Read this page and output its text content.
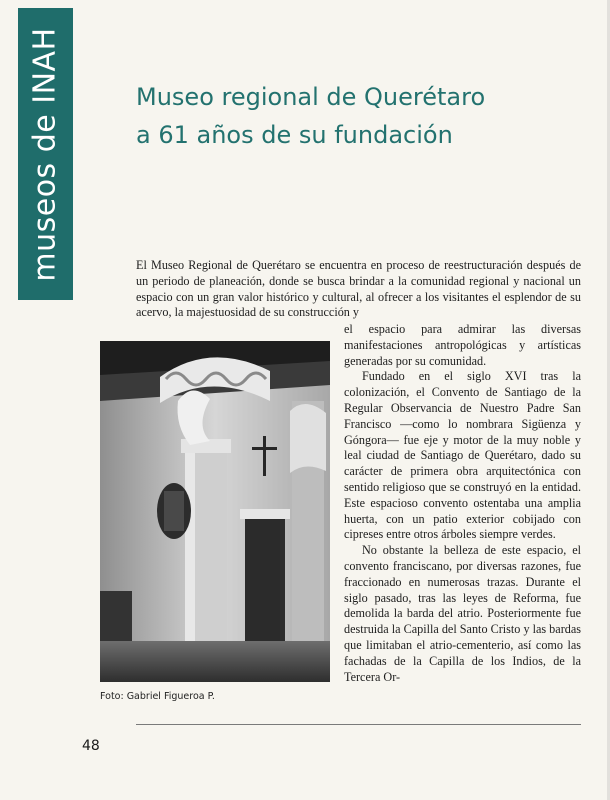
museos de INAH	Museo regional de Querétaro
a 61 años de su fundación

El Museo Regional de Querétaro se encuentra en proceso de reestructuración después de un periodo de planeación, donde se busca brindar a la comunidad regional y nacional un espacio con un gran valor histórico y cultural, al ofrecer a los visitantes el esplendor de su acervo, la majestuosidad de su construcción y

Foto: Gabriel Figueroa P.

el espacio para admirar las diversas manifestaciones antropológicas y artísticas generadas por su comunidad.

Fundado en el siglo XVI tras la colonización, el Convento de Santiago de la Regular Observancia de Nuestro Padre San Francisco —como lo nombrara Sigüenza y Góngora— fue eje y motor de la muy noble y leal ciudad de Santiago de Querétaro, dado su carácter de primera obra arquitectónica con sentido religioso que se construyó en la entidad. Este espacioso convento ostentaba una amplia huerta, con un patio exterior cobijado con cipreses entre otros árboles siempre verdes.

No obstante la belleza de este espacio, el convento franciscano, por diversas razones, fue fraccionado en numerosas trazas. Durante el siglo pasado, tras las leyes de Reforma, fue demolida la barda del atrio. Posteriormente fue destruida la Capilla del Santo Cristo y las bardas que limitaban el atrio-cementerio, así como las fachadas de la Capilla de los Indios, de la Tercera Or-

48
